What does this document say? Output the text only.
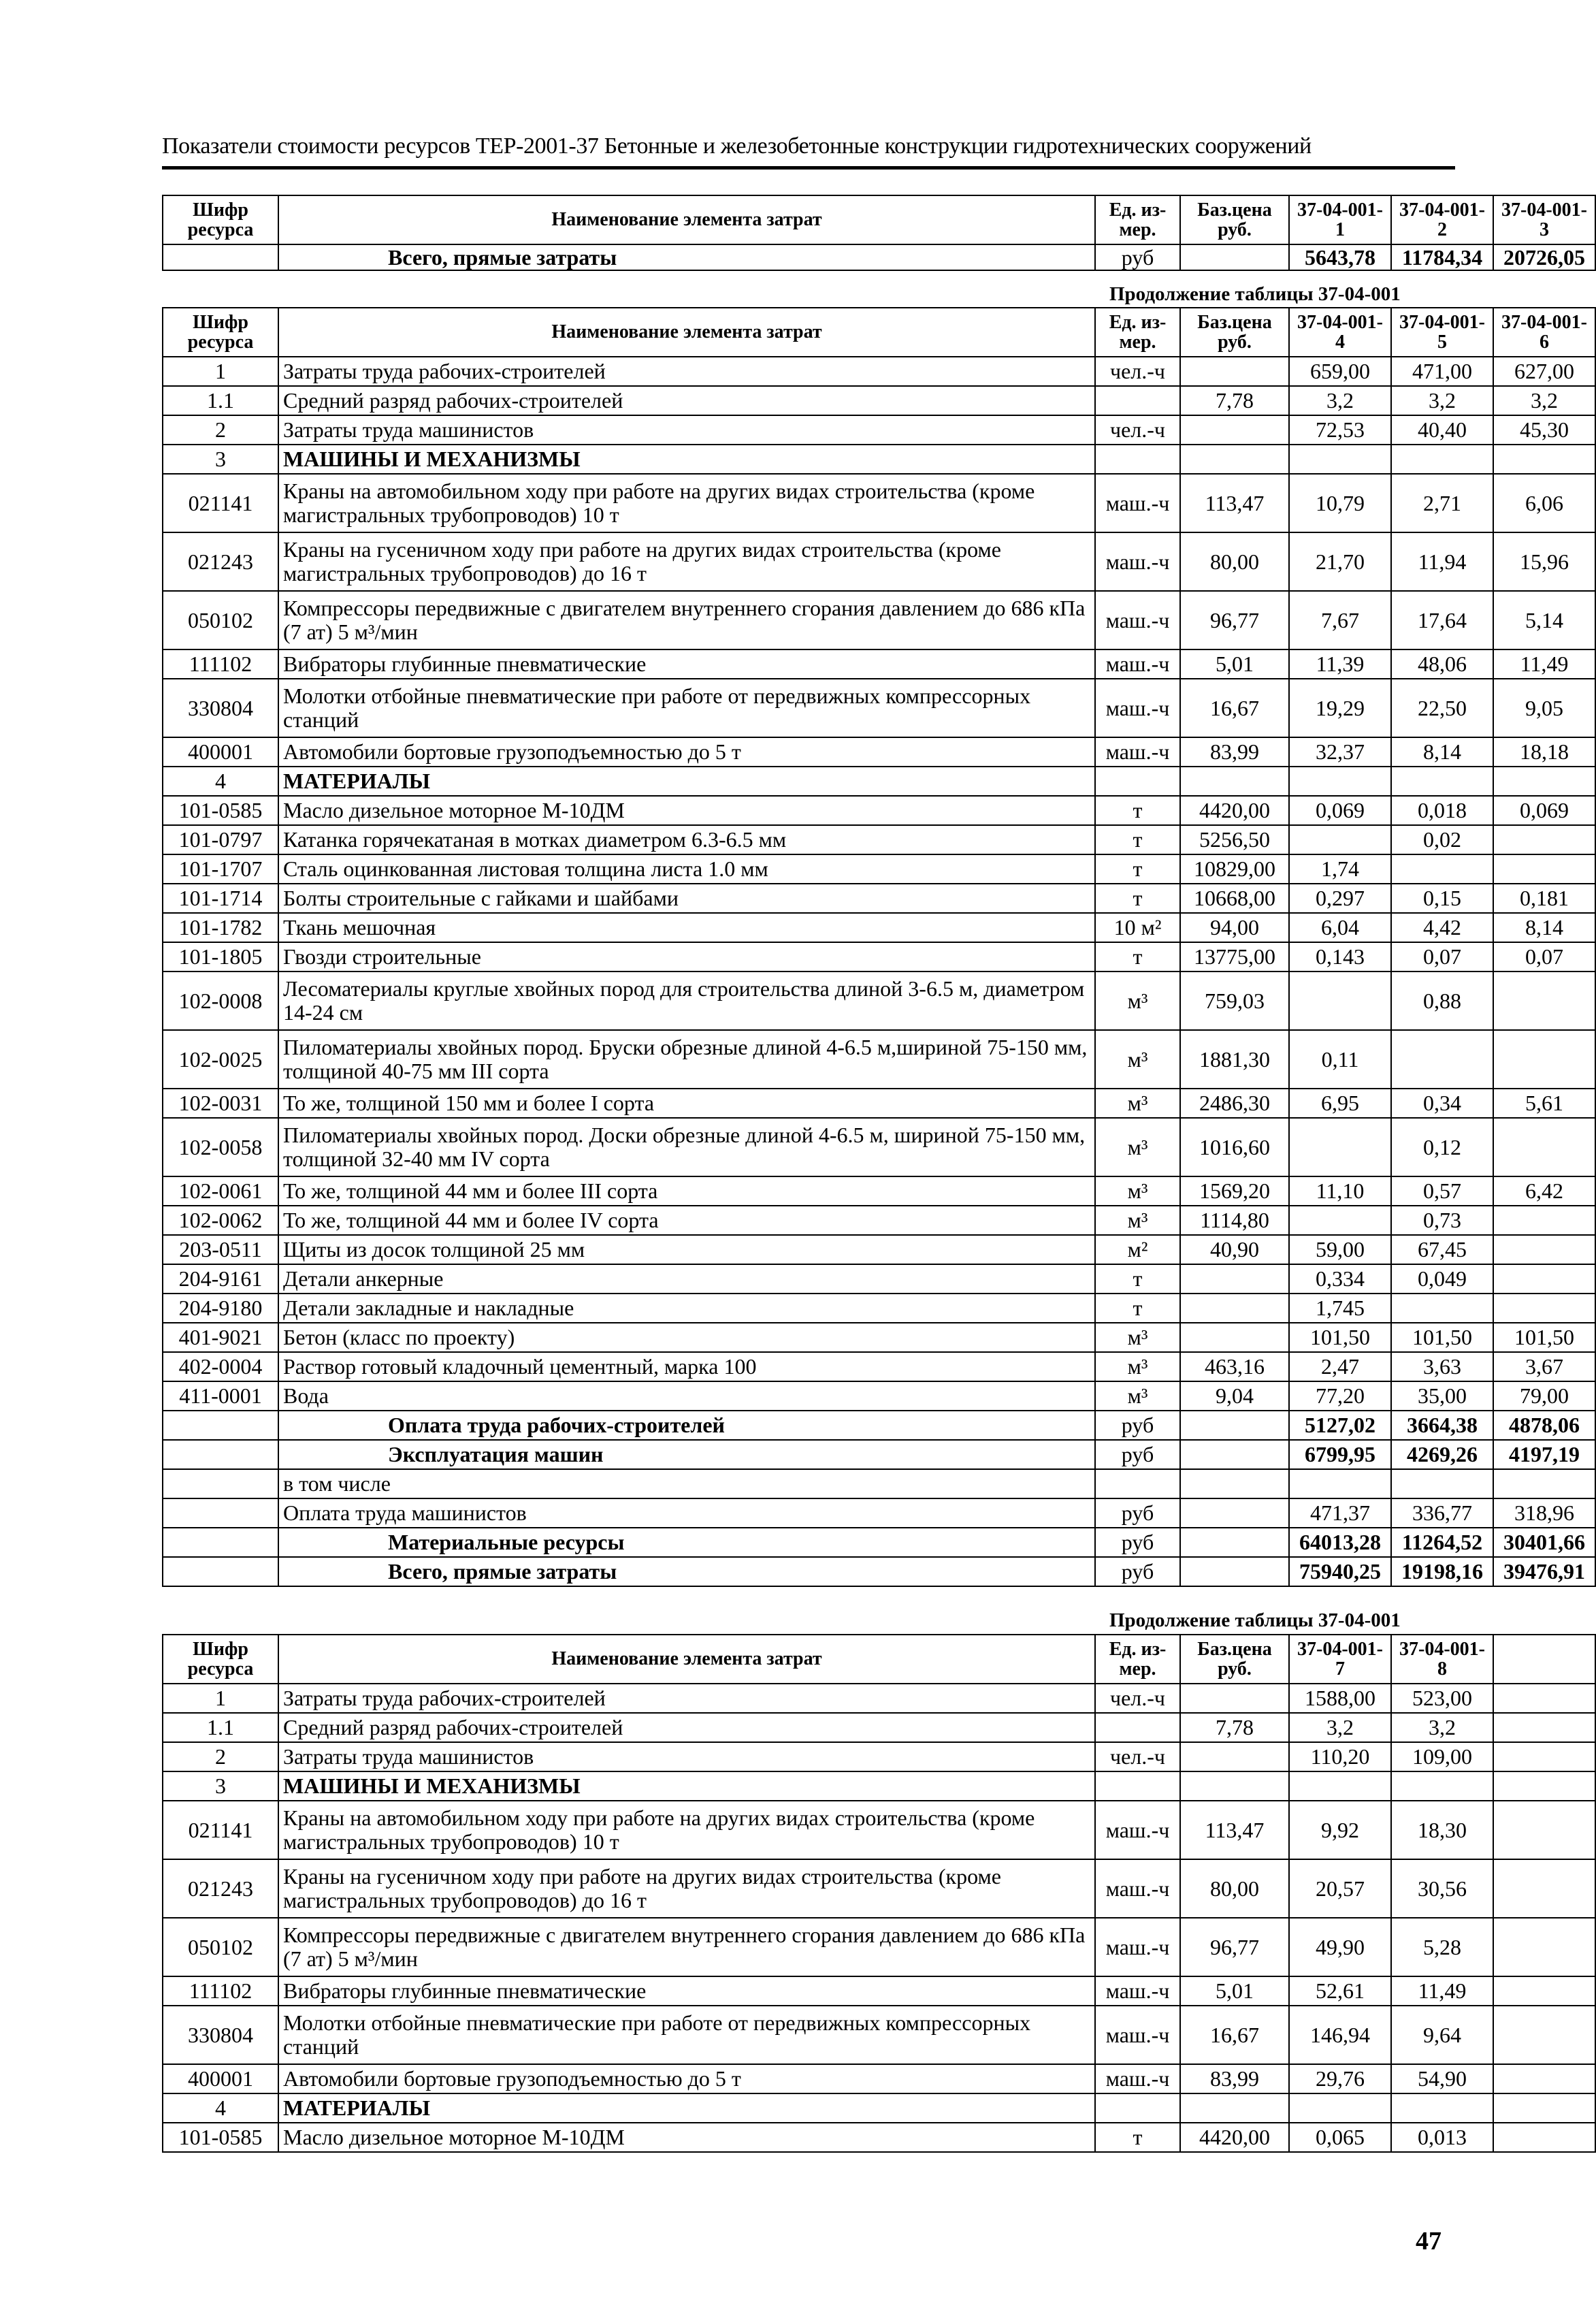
Показатели стоимости ресурсов ТЕР-2001-37 Бетонные и железобетонные конструкции гидротехнических сооружений
Шифр ресурса	Наименование элемента затрат	Ед. из-мер.	Баз.цена руб.	37-04-001-1	37-04-001-2	37-04-001-3
	Всего, прямые затраты	руб		5643,78	11784,34	20726,05
Продолжение таблицы 37-04-001
Шифр ресурса	Наименование элемента затрат	Ед. из-мер.	Баз.цена руб.	37-04-001-4	37-04-001-5	37-04-001-6
1	Затраты труда рабочих-строителей	чел.-ч		659,00	471,00	627,00
1.1	Средний разряд рабочих-строителей		7,78	3,2	3,2	3,2
2	Затраты труда машинистов	чел.-ч		72,53	40,40	45,30
3	МАШИНЫ И МЕХАНИЗМЫ					
021141	Краны на автомобильном ходу при работе на других видах строительства (кроме магистральных трубопроводов) 10 т	маш.-ч	113,47	10,79	2,71	6,06
021243	Краны на гусеничном ходу при работе на других видах строительства (кроме магистральных трубопроводов) до 16 т	маш.-ч	80,00	21,70	11,94	15,96
050102	Компрессоры передвижные с двигателем внутреннего сгорания давлением до 686 кПа (7 ат) 5 м³/мин	маш.-ч	96,77	7,67	17,64	5,14
111102	Вибраторы глубинные пневматические	маш.-ч	5,01	11,39	48,06	11,49
330804	Молотки отбойные пневматические при работе от передвижных компрессорных станций	маш.-ч	16,67	19,29	22,50	9,05
400001	Автомобили бортовые грузоподъемностью до 5 т	маш.-ч	83,99	32,37	8,14	18,18
4	МАТЕРИАЛЫ					
101-0585	Масло дизельное моторное М-10ДМ	т	4420,00	0,069	0,018	0,069
101-0797	Катанка горячекатаная в мотках диаметром 6.3-6.5 мм	т	5256,50		0,02	
101-1707	Сталь оцинкованная листовая толщина листа 1.0 мм	т	10829,00	1,74		
101-1714	Болты строительные с гайками и шайбами	т	10668,00	0,297	0,15	0,181
101-1782	Ткань мешочная	10 м²	94,00	6,04	4,42	8,14
101-1805	Гвозди строительные	т	13775,00	0,143	0,07	0,07
102-0008	Лесоматериалы круглые хвойных пород для строительства длиной 3-6.5 м, диаметром 14-24 см	м³	759,03		0,88	
102-0025	Пиломатериалы хвойных пород. Бруски обрезные длиной 4-6.5 м,шириной 75-150 мм, толщиной 40-75 мм III сорта	м³	1881,30	0,11		
102-0031	То же, толщиной 150 мм и более I сорта	м³	2486,30	6,95	0,34	5,61
102-0058	Пиломатериалы хвойных пород. Доски обрезные длиной 4-6.5 м, шириной 75-150 мм, толщиной 32-40 мм IV сорта	м³	1016,60		0,12	
102-0061	То же, толщиной 44 мм и более III сорта	м³	1569,20	11,10	0,57	6,42
102-0062	То же, толщиной 44 мм и более IV сорта	м³	1114,80		0,73	
203-0511	Щиты из досок толщиной 25 мм	м²	40,90	59,00	67,45	
204-9161	Детали анкерные	т		0,334	0,049	
204-9180	Детали закладные и накладные	т		1,745		
401-9021	Бетон (класс по проекту)	м³		101,50	101,50	101,50
402-0004	Раствор готовый кладочный цементный, марка 100	м³	463,16	2,47	3,63	3,67
411-0001	Вода	м³	9,04	77,20	35,00	79,00
	Оплата труда рабочих-строителей	руб		5127,02	3664,38	4878,06
	Эксплуатация машин	руб		6799,95	4269,26	4197,19
	в том числе					
	Оплата труда машинистов	руб		471,37	336,77	318,96
	Материальные ресурсы	руб		64013,28	11264,52	30401,66
	Всего, прямые затраты	руб		75940,25	19198,16	39476,91
Продолжение таблицы 37-04-001
Шифр ресурса	Наименование элемента затрат	Ед. из-мер.	Баз.цена руб.	37-04-001-7	37-04-001-8	
1	Затраты труда рабочих-строителей	чел.-ч		1588,00	523,00	
1.1	Средний разряд рабочих-строителей		7,78	3,2	3,2	
2	Затраты труда машинистов	чел.-ч		110,20	109,00	
3	МАШИНЫ И МЕХАНИЗМЫ					
021141	Краны на автомобильном ходу при работе на других видах строительства (кроме магистральных трубопроводов) 10 т	маш.-ч	113,47	9,92	18,30	
021243	Краны на гусеничном ходу при работе на других видах строительства (кроме магистральных трубопроводов) до 16 т	маш.-ч	80,00	20,57	30,56	
050102	Компрессоры передвижные с двигателем внутреннего сгорания давлением до 686 кПа (7 ат) 5 м³/мин	маш.-ч	96,77	49,90	5,28	
111102	Вибраторы глубинные пневматические	маш.-ч	5,01	52,61	11,49	
330804	Молотки отбойные пневматические при работе от передвижных компрессорных станций	маш.-ч	16,67	146,94	9,64	
400001	Автомобили бортовые грузоподъемностью до 5 т	маш.-ч	83,99	29,76	54,90	
4	МАТЕРИАЛЫ					
101-0585	Масло дизельное моторное М-10ДМ	т	4420,00	0,065	0,013	
47
